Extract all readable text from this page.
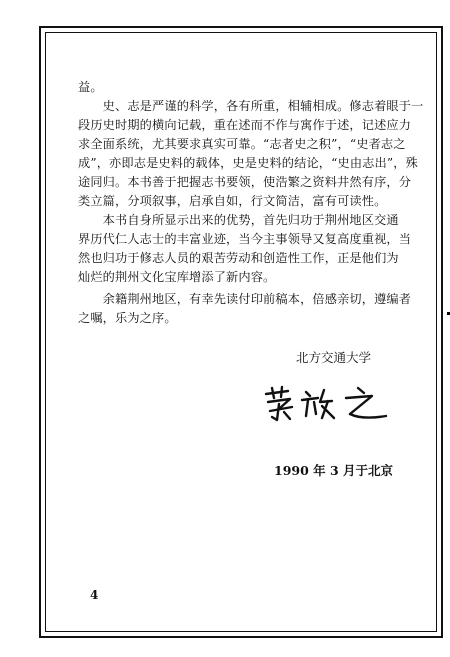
益。
　　史、志是严谨的科学，各有所重，相辅相成。修志着眼于一
段历史时期的横向记载，重在述而不作与寓作于述，记述应力
求全面系统，尤其要求真实可靠。“志者史之积”，“史者志之
成”，亦即志是史料的载体，史是史料的结论，“史由志出”，殊
途同归。本书善于把握志书要领，使浩繁之资料井然有序，分
类立篇，分项叙事，启承自如，行文简洁，富有可读性。
　　本书自身所显示出来的优势，首先归功于荆州地区交通
界历代仁人志士的丰富业迹，当今主事领导又复高度重视，当
然也归功于修志人员的艰苦劳动和创造性工作，正是他们为
灿烂的荆州文化宝库增添了新内容。
　　余籍荆州地区，有幸先读付印前稿本，倍感亲切，遵编者
之嘱，乐为之序。
北方交通大学
1990 年 3 月于北京
4
